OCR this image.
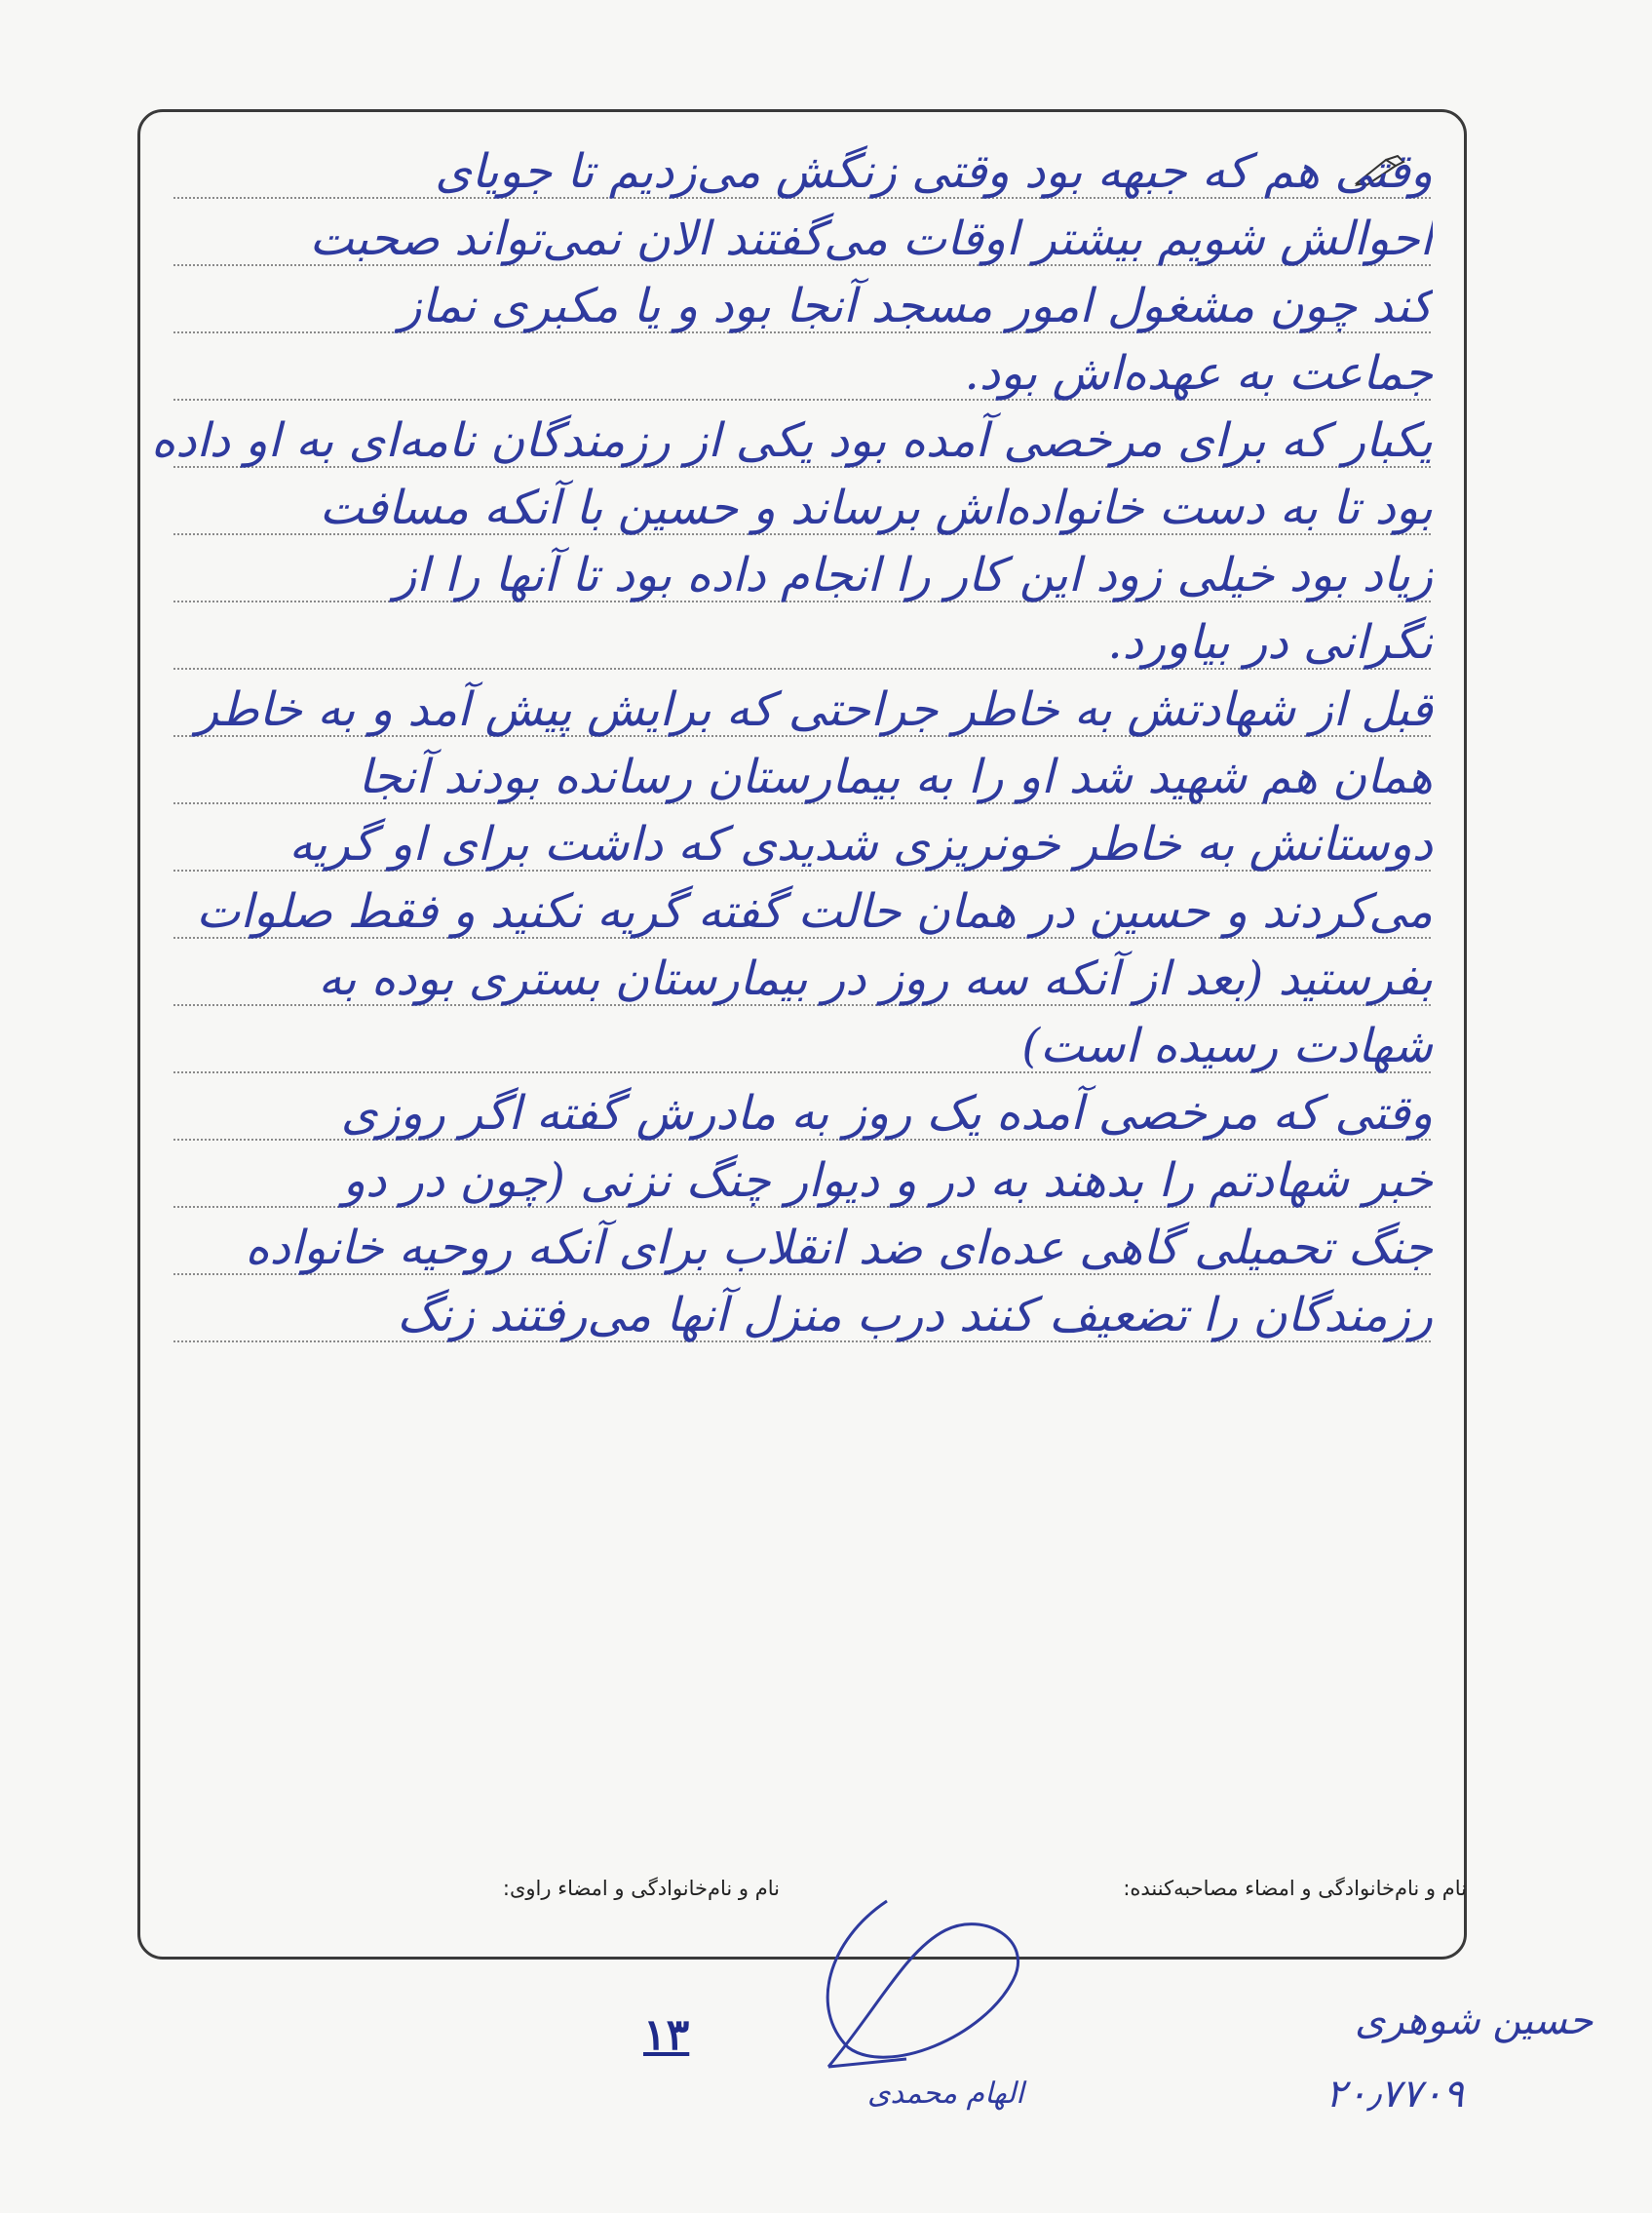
وقتی هم که جبهه بود وقتی زنگش می‌زدیم تا جویای
احوالش شویم بیشتر اوقات می‌گفتند الان نمی‌تواند صحبت
کند چون مشغول امور مسجد آنجا بود و یا مکبری نماز
جماعت به عهده‌اش بود.
یکبار که برای مرخصی آمده بود یکی از رزمندگان نامه‌ای به او داده
بود تا به دست خانواده‌اش برساند و حسین با آنکه مسافت
زیاد بود خیلی زود این کار را انجام داده بود تا آنها را از
نگرانی در بیاورد.
قبل از شهادتش به خاطر جراحتی که برایش پیش آمد و به خاطر
همان هم شهید شد او را به بیمارستان رسانده بودند آنجا
دوستانش به خاطر خونریزی شدیدی که داشت برای او گریه
می‌کردند و حسین در همان حالت گفته گریه نکنید و فقط صلوات
بفرستید (بعد از آنکه سه روز در بیمارستان بستری بوده به
شهادت رسیده است)
وقتی که مرخصی آمده یک روز به مادرش گفته اگر روزی
خبر شهادتم را بدهند به در و دیوار چنگ نزنی (چون در دو
جنگ تحمیلی گاهی عده‌ای ضد انقلاب برای آنکه روحیه خانواده
رزمندگان را تضعیف کنند درب منزل آنها می‌رفتند زنگ
نام و نام‌خانوادگی و امضاء مصاحبه‌کننده:
نام و نام‌خانوادگی و امضاء راوی:
۱۳
الهام محمدی
حسین شوهری
۲۰٫۷۷۰۹
